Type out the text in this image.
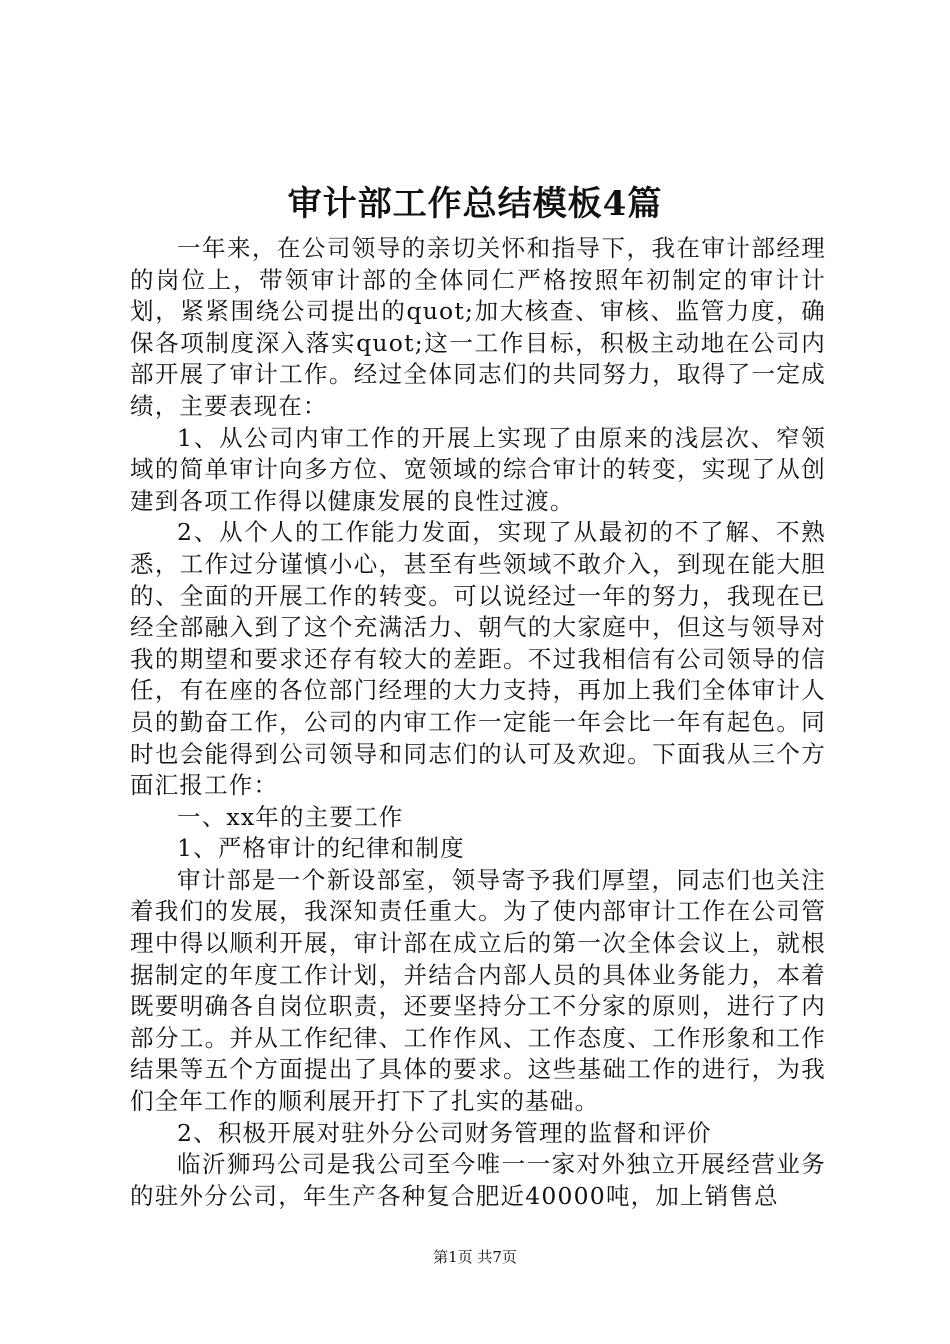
审计部工作总结模板4篇

一年来，在公司领导的亲切关怀和指导下，我在审计部经理的岗位上，带领审计部的全体同仁严格按照年初制定的审计计划，紧紧围绕公司提出的quot;加大核查、审核、监管力度，确保各项制度深入落实quot;这一工作目标，积极主动地在公司内部开展了审计工作。经过全体同志们的共同努力，取得了一定成绩，主要表现在：

1、从公司内审工作的开展上实现了由原来的浅层次、窄领域的简单审计向多方位、宽领域的综合审计的转变，实现了从创建到各项工作得以健康发展的良性过渡。

2、从个人的工作能力发面，实现了从最初的不了解、不熟悉，工作过分谨慎小心，甚至有些领域不敢介入，到现在能大胆的、全面的开展工作的转变。可以说经过一年的努力，我现在已经全部融入到了这个充满活力、朝气的大家庭中，但这与领导对我的期望和要求还存有较大的差距。不过我相信有公司领导的信任，有在座的各位部门经理的大力支持，再加上我们全体审计人员的勤奋工作，公司的内审工作一定能一年会比一年有起色。同时也会能得到公司领导和同志们的认可及欢迎。下面我从三个方面汇报工作：

一、xx年的主要工作

1、严格审计的纪律和制度

审计部是一个新设部室，领导寄予我们厚望，同志们也关注着我们的发展，我深知责任重大。为了使内部审计工作在公司管理中得以顺利开展，审计部在成立后的第一次全体会议上，就根据制定的年度工作计划，并结合内部人员的具体业务能力，本着既要明确各自岗位职责，还要坚持分工不分家的原则，进行了内部分工。并从工作纪律、工作作风、工作态度、工作形象和工作结果等五个方面提出了具体的要求。这些基础工作的进行，为我们全年工作的顺利展开打下了扎实的基础。

2、积极开展对驻外分公司财务管理的监督和评价

临沂狮玛公司是我公司至今唯一一家对外独立开展经营业务的驻外分公司，年生产各种复合肥近40000吨，加上销售总

第1页 共7页
